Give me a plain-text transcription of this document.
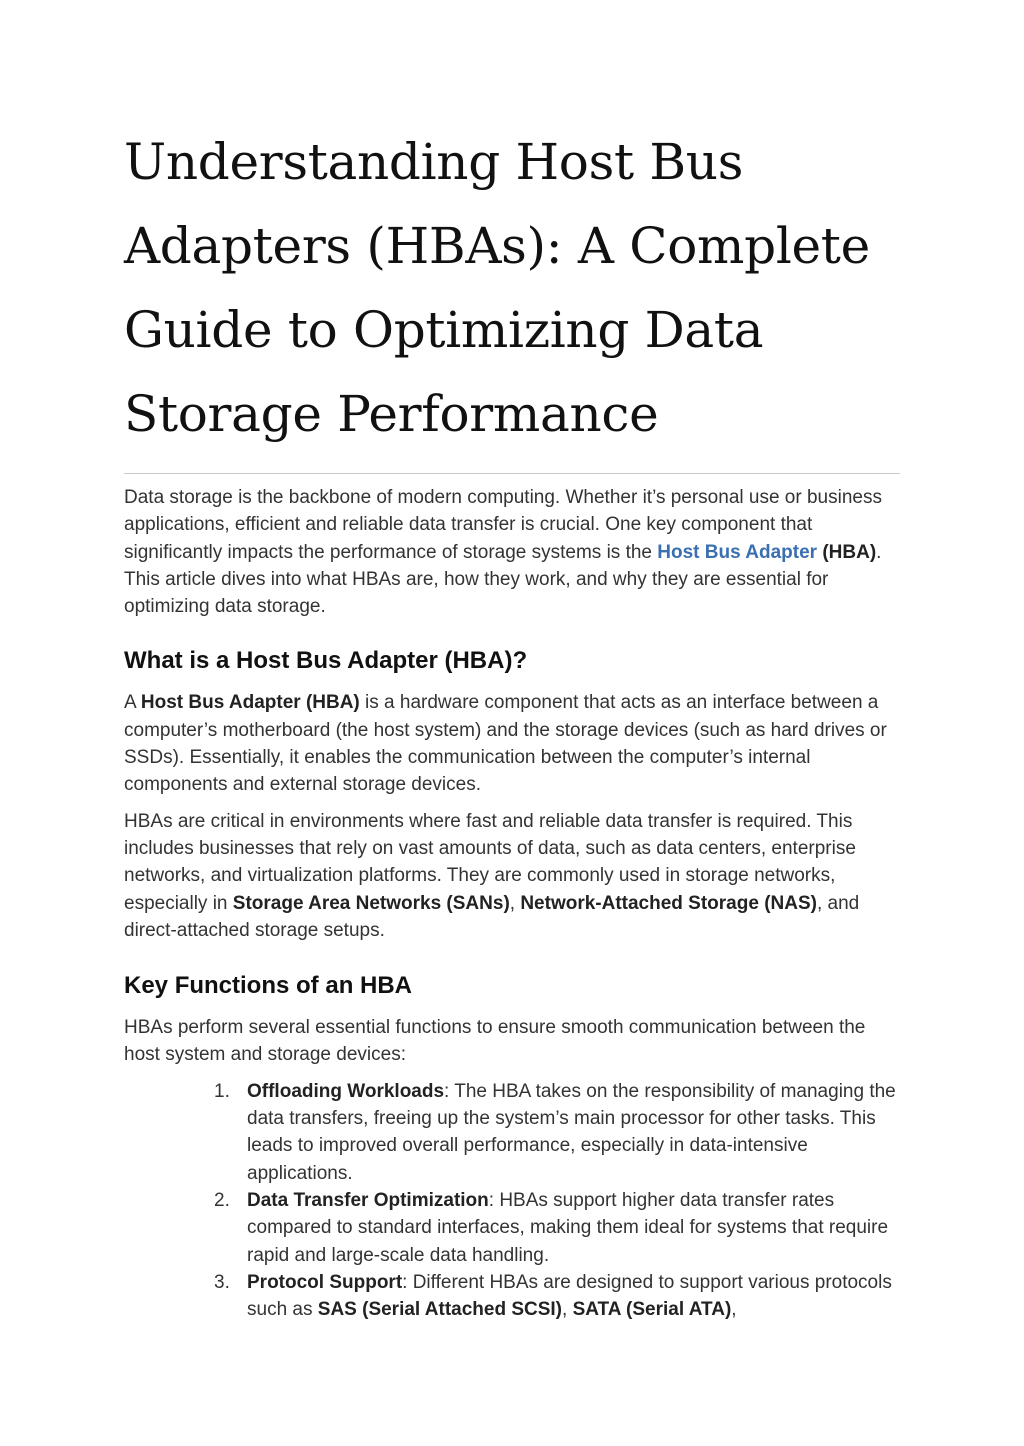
Understanding Host Bus Adapters (HBAs): A Complete Guide to Optimizing Data Storage Performance

Data storage is the backbone of modern computing. Whether it’s personal use or business applications, efficient and reliable data transfer is crucial. One key component that significantly impacts the performance of storage systems is the Host Bus Adapter (HBA). This article dives into what HBAs are, how they work, and why they are essential for optimizing data storage.

What is a Host Bus Adapter (HBA)?

A Host Bus Adapter (HBA) is a hardware component that acts as an interface between a computer’s motherboard (the host system) and the storage devices (such as hard drives or SSDs). Essentially, it enables the communication between the computer’s internal components and external storage devices.

HBAs are critical in environments where fast and reliable data transfer is required. This includes businesses that rely on vast amounts of data, such as data centers, enterprise networks, and virtualization platforms. They are commonly used in storage networks, especially in Storage Area Networks (SANs), Network-Attached Storage (NAS), and direct-attached storage setups.

Key Functions of an HBA

HBAs perform several essential functions to ensure smooth communication between the host system and storage devices:

1. Offloading Workloads: The HBA takes on the responsibility of managing the data transfers, freeing up the system’s main processor for other tasks. This leads to improved overall performance, especially in data-intensive applications.
2. Data Transfer Optimization: HBAs support higher data transfer rates compared to standard interfaces, making them ideal for systems that require rapid and large-scale data handling.
3. Protocol Support: Different HBAs are designed to support various protocols such as SAS (Serial Attached SCSI), SATA (Serial ATA),
